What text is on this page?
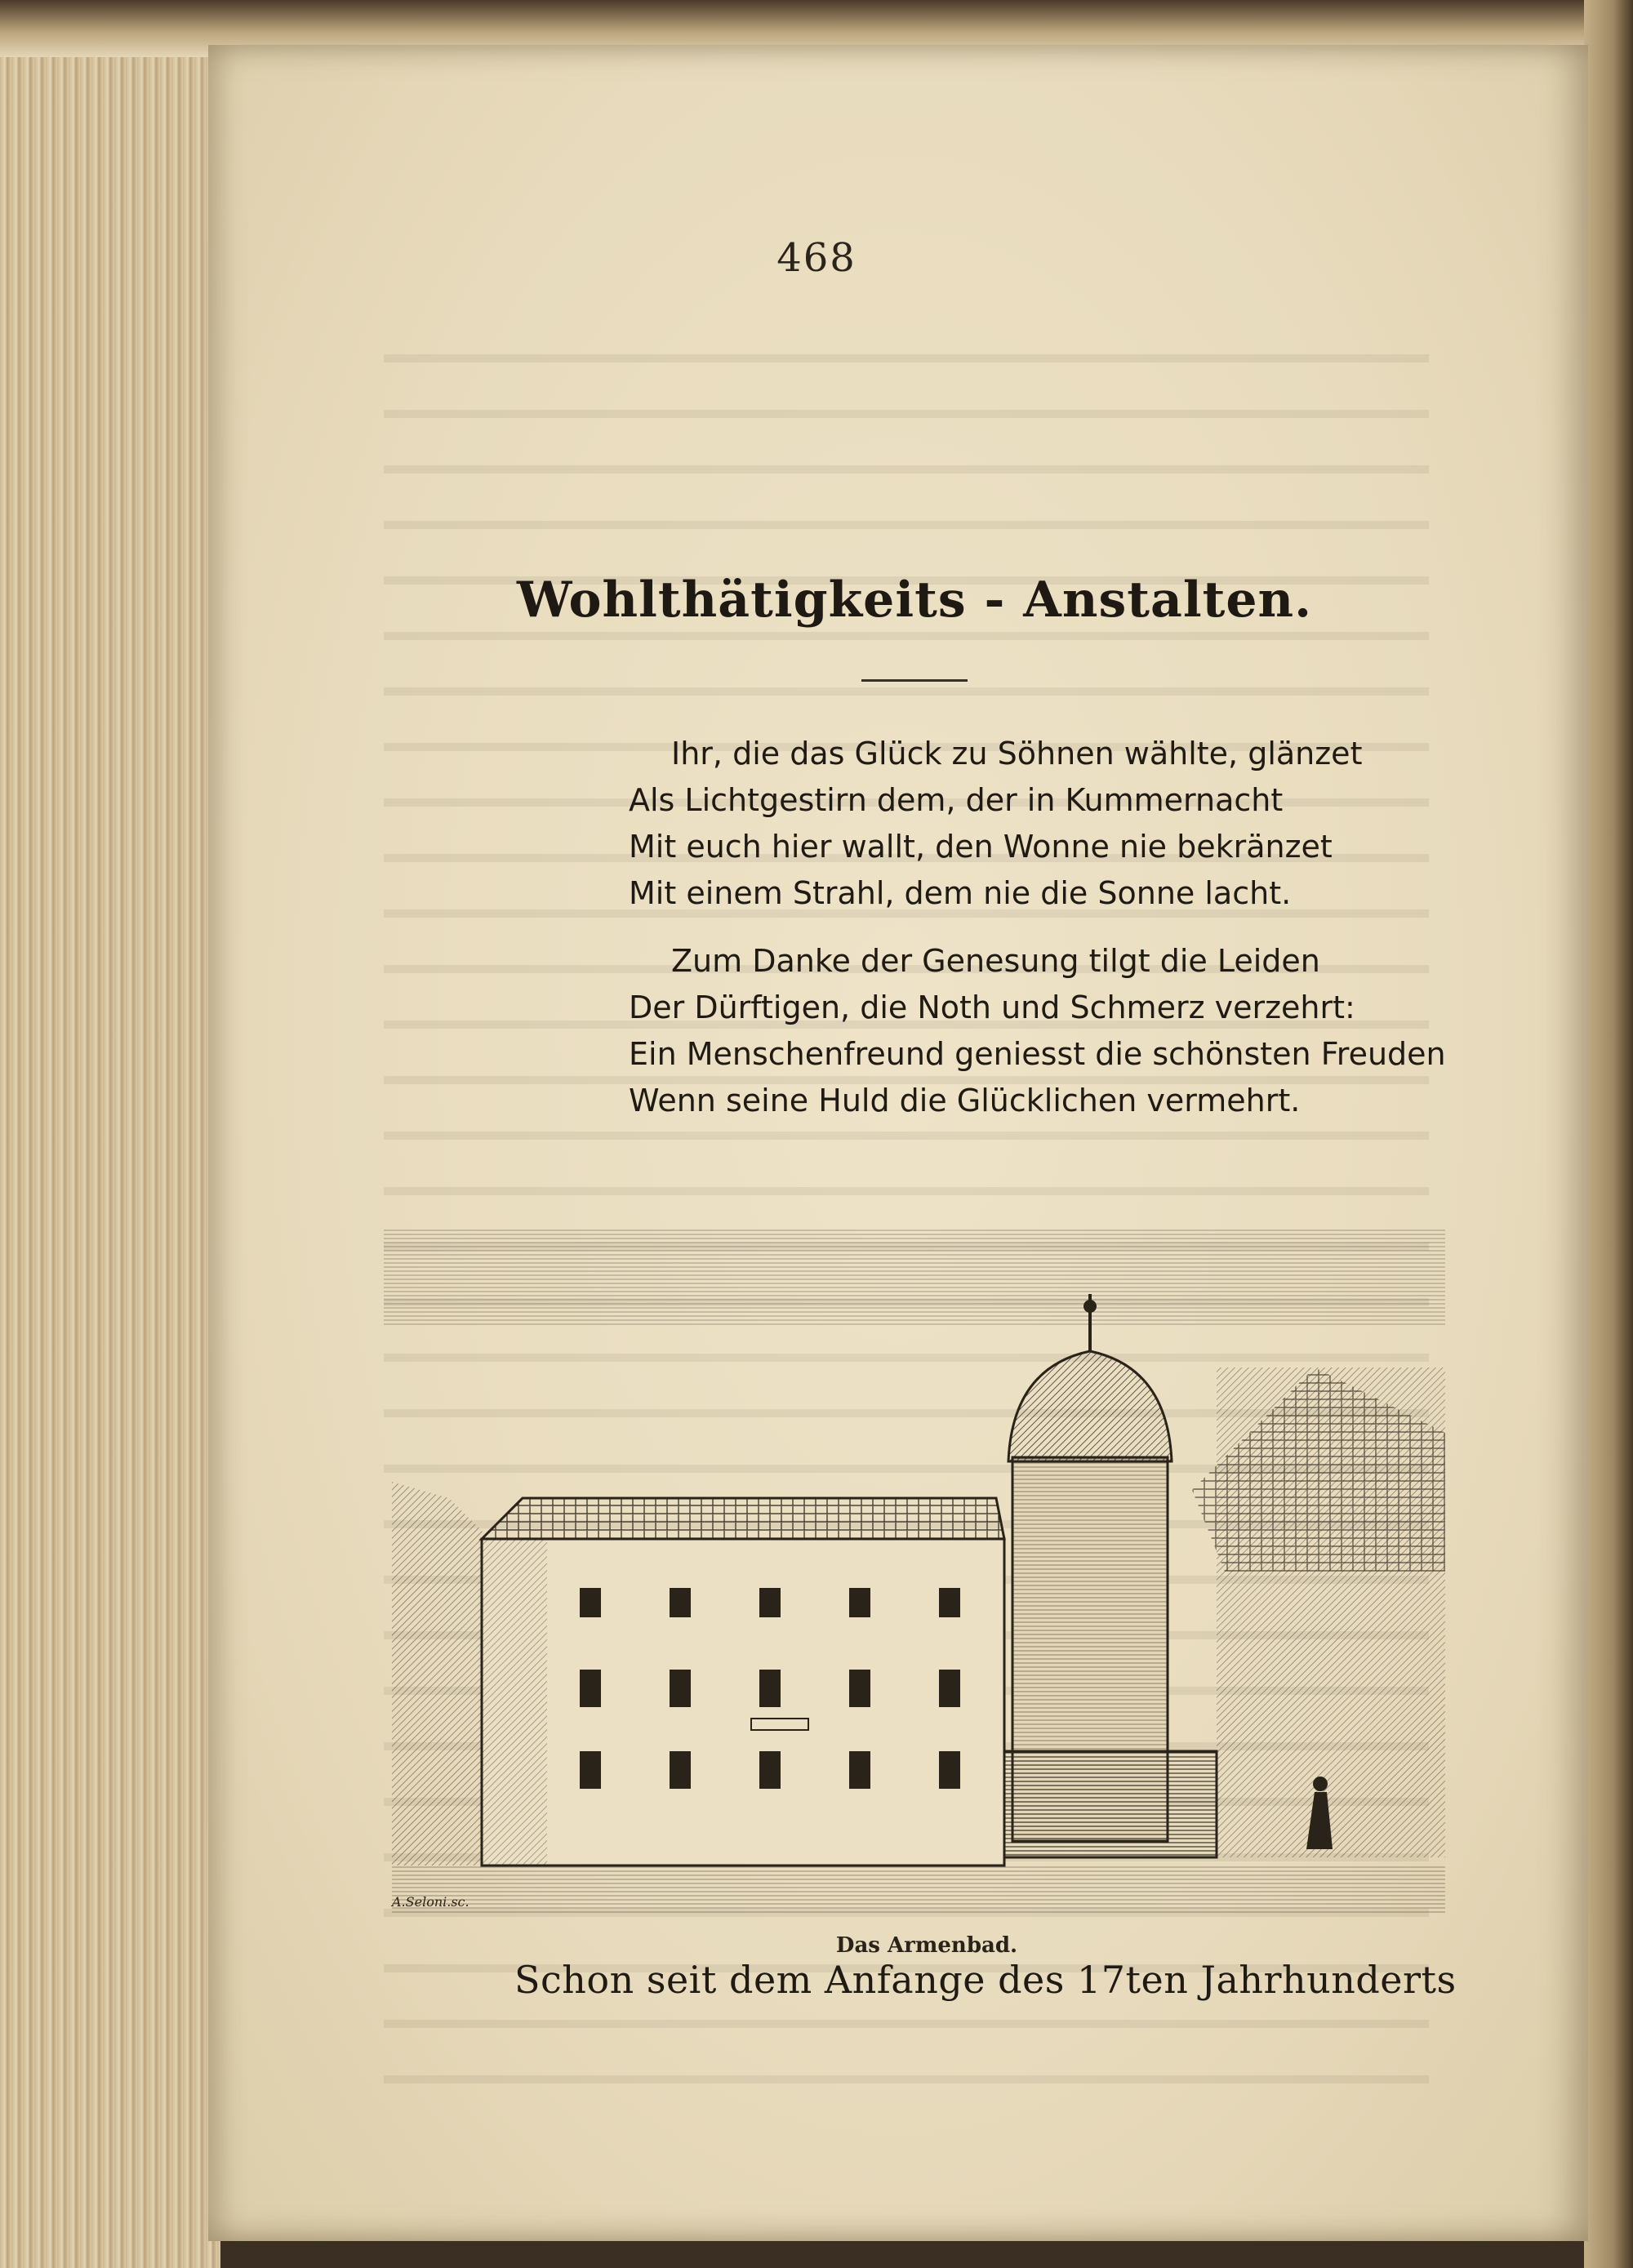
468
Wohlthätigkeits - Anstalten.
Ihr, die das Glück zu Söhnen wählte, glänzet
Als Lichtgestirn dem, der in Kummernacht
Mit euch hier wallt, den Wonne nie bekränzet
Mit einem Strahl, dem nie die Sonne lacht.
Zum Danke der Genesung tilgt die Leiden
Der Dürftigen, die Noth und Schmerz verzehrt:
Ein Menschenfreund geniesst die schönsten Freuden
Wenn seine Huld die Glücklichen vermehrt.
A.Seloni.sc.
Das Armenbad.
Schon seit dem Anfange des 17ten Jahrhunderts
